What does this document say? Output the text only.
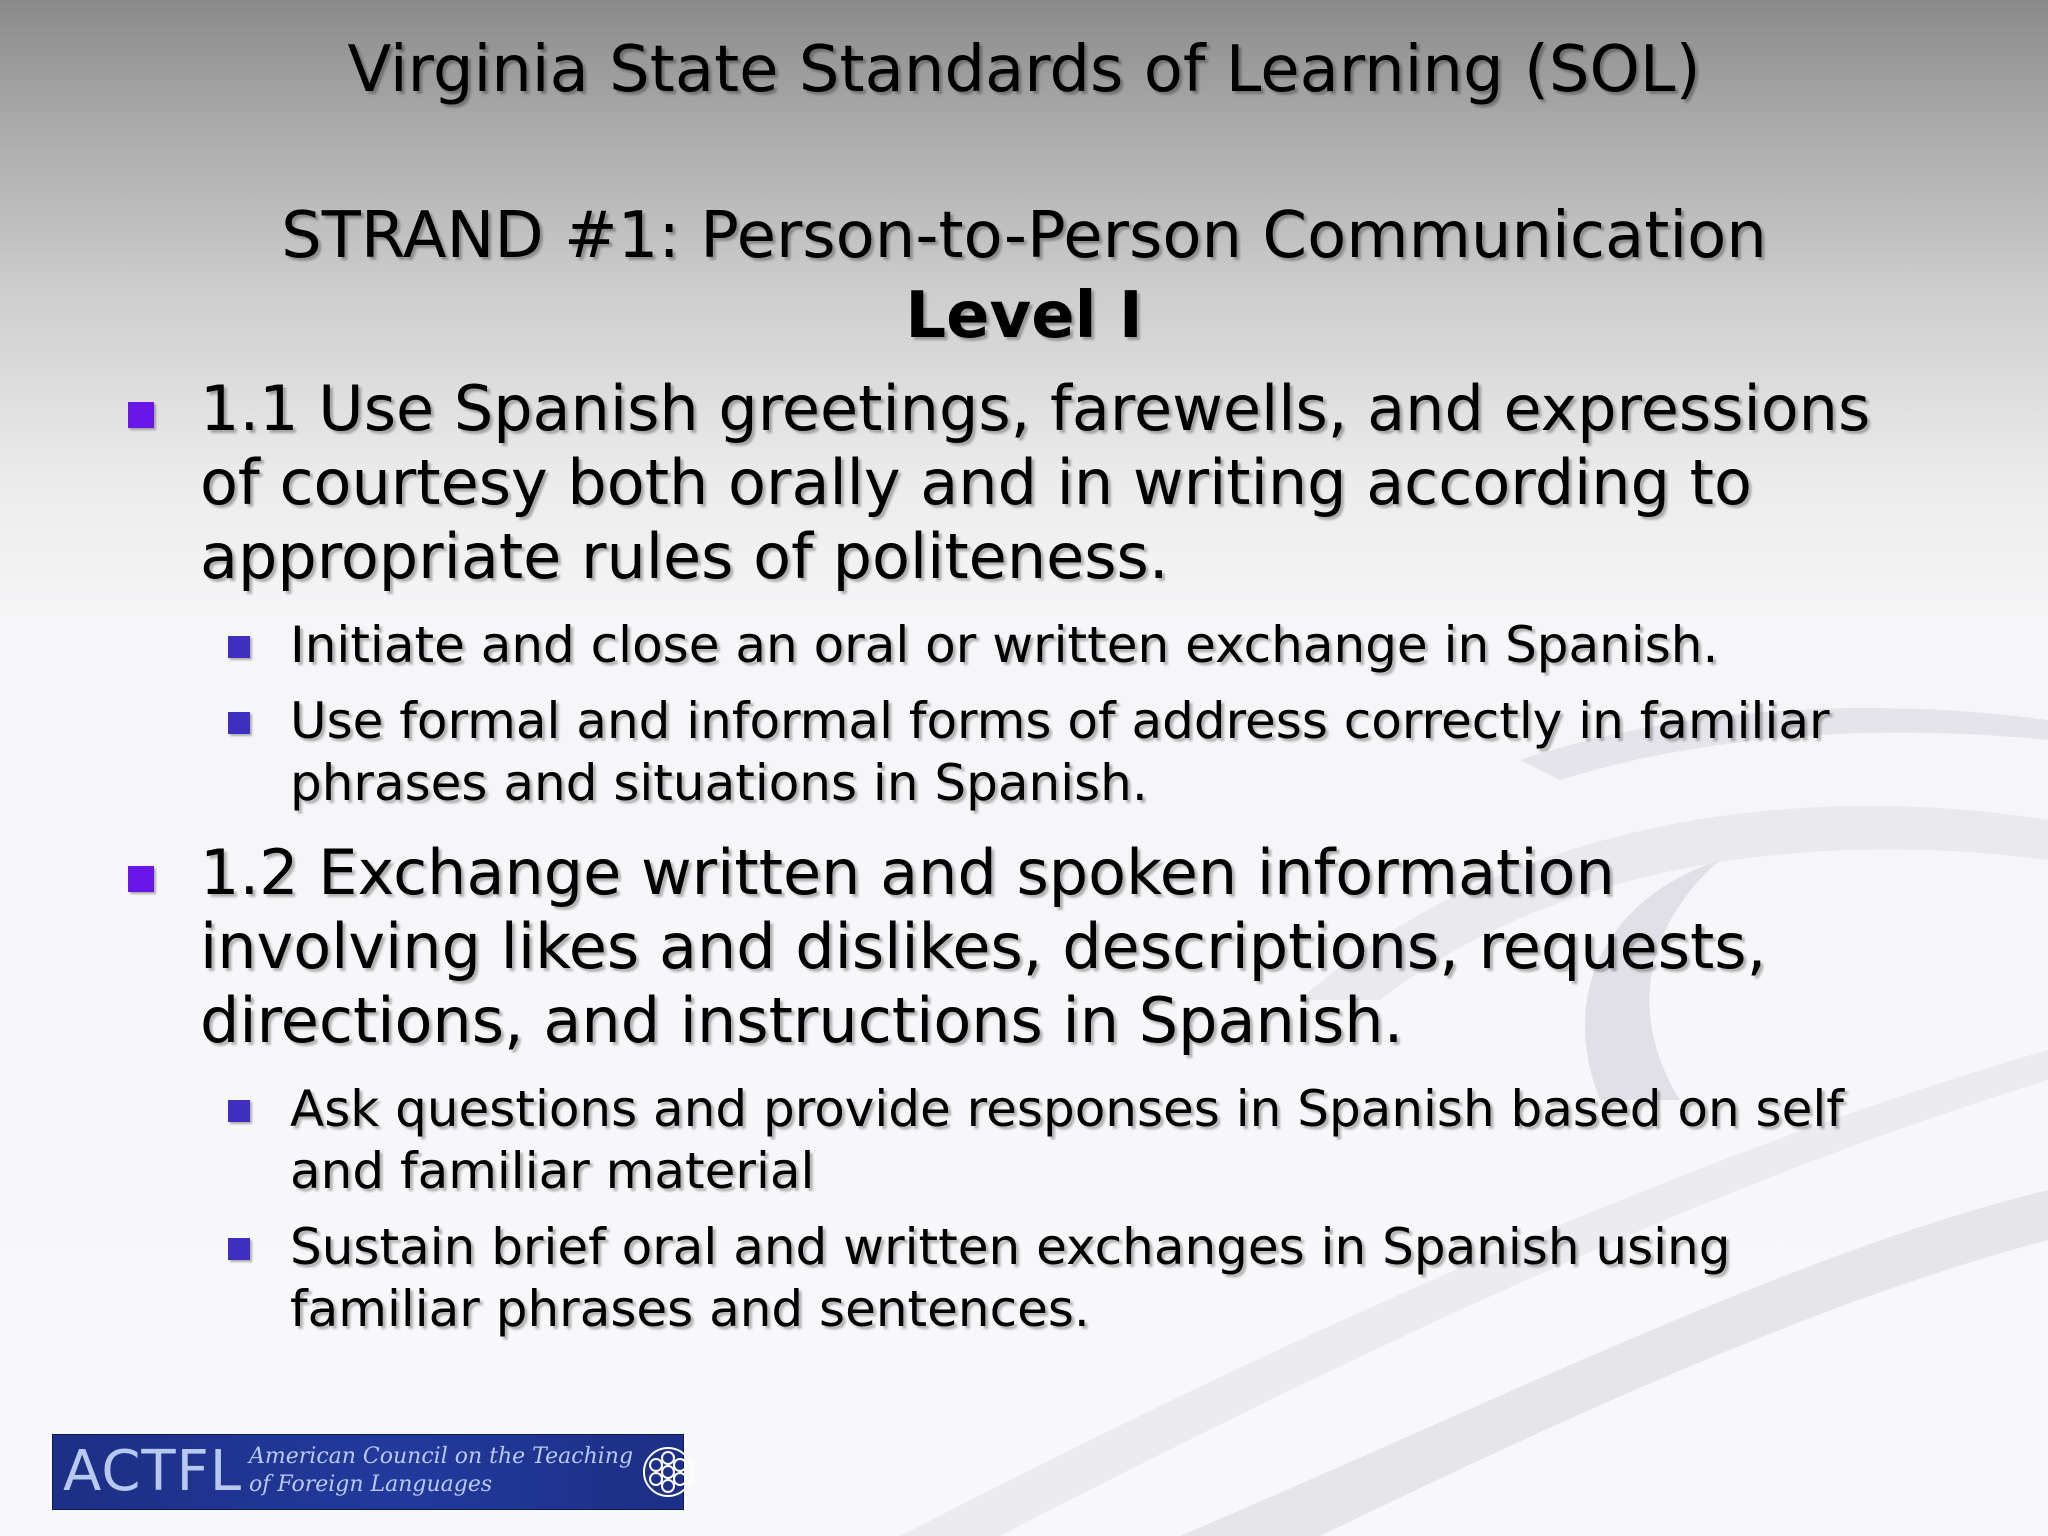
Virginia State Standards of Learning (SOL)
STRAND #1: Person-to-Person Communication
Level I
1.1 Use Spanish greetings, farewells, and expressions of courtesy both orally and in writing according to appropriate rules of politeness.
Initiate and close an oral or written exchange in Spanish.
Use formal and informal forms of address correctly in familiar phrases and situations in Spanish.
1.2 Exchange written and spoken information involving likes and dislikes, descriptions, requests, directions, and instructions in Spanish.
Ask questions and provide responses in Spanish based on self and familiar material
Sustain brief oral and written exchanges in Spanish using familiar phrases and sentences.
ACTFL American Council on the Teaching of Foreign Languages
